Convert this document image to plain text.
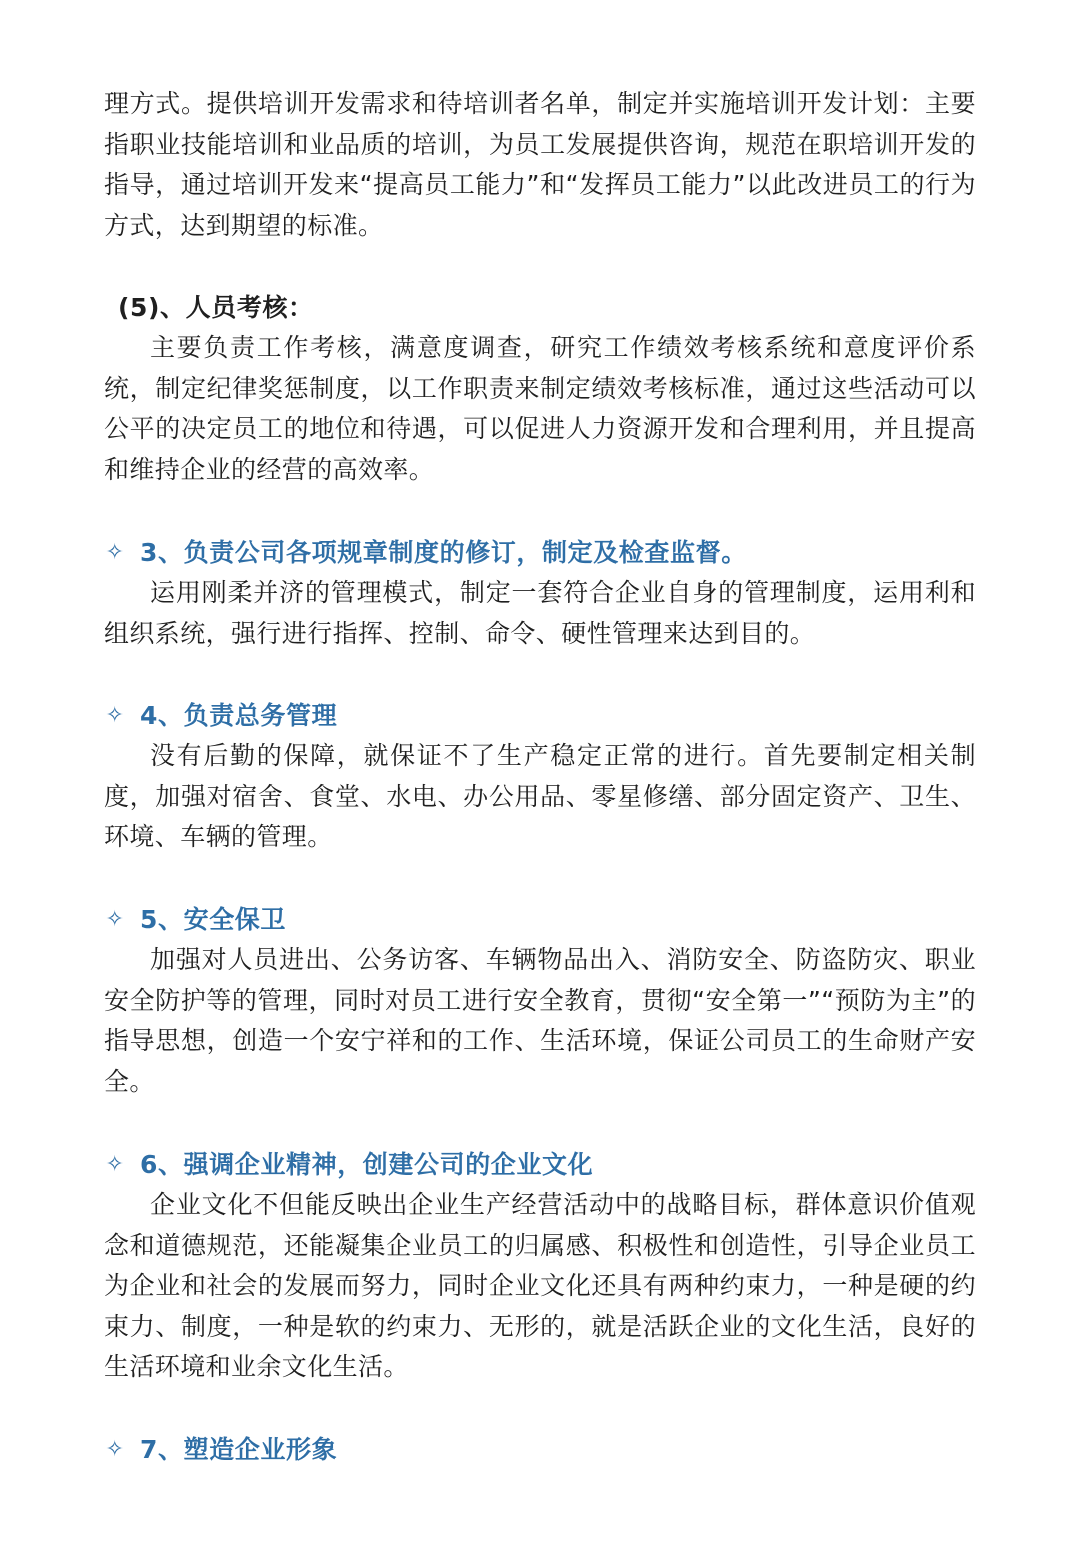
理方式。提供培训开发需求和待培训者名单，制定并实施培训开发计划：主要指职业技能培训和业品质的培训，为员工发展提供咨询，规范在职培训开发的指导，通过培训开发来“提高员工能力”和“发挥员工能力”以此改进员工的行为方式，达到期望的标准。

(5)、人员考核：

主要负责工作考核，满意度调查，研究工作绩效考核系统和意度评价系统，制定纪律奖惩制度，以工作职责来制定绩效考核标准，通过这些活动可以公平的决定员工的地位和待遇，可以促进人力资源开发和合理利用，并且提高和维持企业的经营的高效率。

✧ 3、负责公司各项规章制度的修订，制定及检查监督。

运用刚柔并济的管理模式，制定一套符合企业自身的管理制度，运用利和组织系统，强行进行指挥、控制、命令、硬性管理来达到目的。

✧ 4、负责总务管理

没有后勤的保障，就保证不了生产稳定正常的进行。首先要制定相关制度，加强对宿舍、食堂、水电、办公用品、零星修缮、部分固定资产、卫生、环境、车辆的管理。

✧ 5、安全保卫

加强对人员进出、公务访客、车辆物品出入、消防安全、防盗防灾、职业安全防护等的管理，同时对员工进行安全教育，贯彻“安全第一”“预防为主”的指导思想，创造一个安宁祥和的工作、生活环境，保证公司员工的生命财产安全。

✧ 6、强调企业精神，创建公司的企业文化

企业文化不但能反映出企业生产经营活动中的战略目标，群体意识价值观念和道德规范，还能凝集企业员工的归属感、积极性和创造性，引导企业员工为企业和社会的发展而努力，同时企业文化还具有两种约束力，一种是硬的约束力、制度，一种是软的约束力、无形的，就是活跃企业的文化生活，良好的生活环境和业余文化生活。

✧ 7、塑造企业形象
